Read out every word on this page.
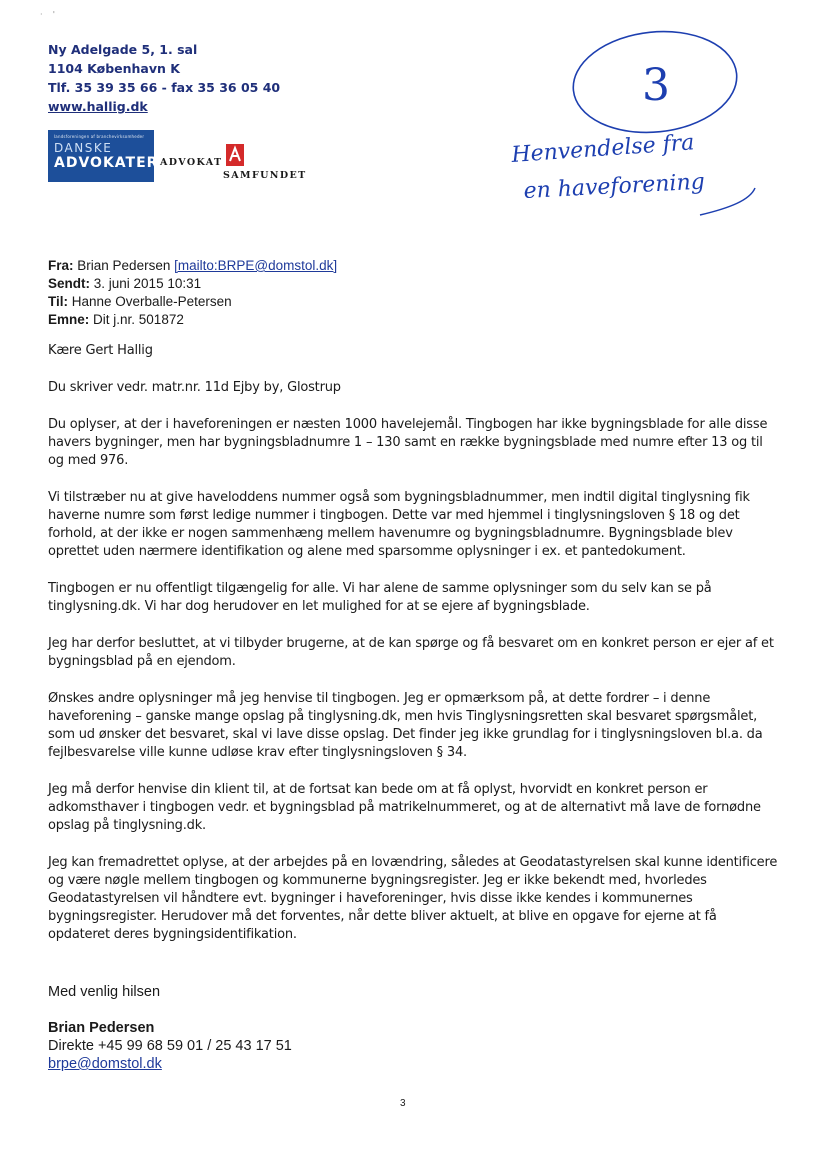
·    '
Ny Adelgade 5, 1. sal
1104 København K
Tlf. 35 39 35 66 - fax 35 36 05 40
www.hallig.dk
landsforeningen af branchevirksomheder
DANSKE
ADVOKATER ADVOKAT
SAMFUNDET
3
Henvendelse fra
en haveforening
Fra: Brian Pedersen [mailto:BRPE@domstol.dk]
Sendt: 3. juni 2015 10:31
Til: Hanne Overballe-Petersen
Emne: Dit j.nr. 501872

Kære Gert Hallig

Du skriver vedr. matr.nr. 11d Ejby by, Glostrup

Du oplyser, at der i haveforeningen er næsten 1000 havelejemål. Tingbogen har ikke bygningsblade for alle disse havers bygninger, men har bygningsbladnumre 1 – 130 samt en række bygningsblade med numre efter 13 og til og med 976.

Vi tilstræber nu at give haveloddens nummer også som bygningsbladnummer, men indtil digital tinglysning fik haverne numre som først ledige nummer i tingbogen. Dette var med hjemmel i tinglysningsloven § 18 og det forhold, at der ikke er nogen sammenhæng mellem havenumre og bygningsbladnumre. Bygningsblade blev oprettet uden nærmere identifikation og alene med sparsomme oplysninger i ex. et pantedokument.

Tingbogen er nu offentligt tilgængelig for alle. Vi har alene de samme oplysninger som du selv kan se på tinglysning.dk. Vi har dog herudover en let mulighed for at se ejere af bygningsblade.

Jeg har derfor besluttet, at vi tilbyder brugerne, at de kan spørge og få besvaret om en konkret person er ejer af et bygningsblad på en ejendom.

Ønskes andre oplysninger må jeg henvise til tingbogen. Jeg er opmærksom på, at dette fordrer – i denne haveforening – ganske mange opslag på tinglysning.dk, men hvis Tinglysningsretten skal besvaret spørgsmålet, som ud ønsker det besvaret, skal vi lave disse opslag. Det finder jeg ikke grundlag for i tinglysningsloven bl.a. da fejlbesvarelse ville kunne udløse krav efter tinglysningsloven § 34.

Jeg må derfor henvise din klient til, at de fortsat kan bede om at få oplyst, hvorvidt en konkret person er adkomsthaver i tingbogen vedr. et bygningsblad på matrikelnummeret, og at de alternativt må lave de fornødne opslag på tinglysning.dk.

Jeg kan fremadrettet oplyse, at der arbejdes på en lovændring, således at Geodatastyrelsen skal kunne identificere og være nøgle mellem tingbogen og kommunerne bygningsregister. Jeg er ikke bekendt med, hvorledes Geodatastyrelsen vil håndtere evt. bygninger i haveforeninger, hvis disse ikke kendes i kommunernes bygningsregister. Herudover må det forventes, når dette bliver aktuelt, at blive en opgave for ejerne at få opdateret deres bygningsidentifikation.

Med venlig hilsen
Brian Pedersen
Direkte +45 99 68 59 01 / 25 43 17 51
brpe@domstol.dk
3
